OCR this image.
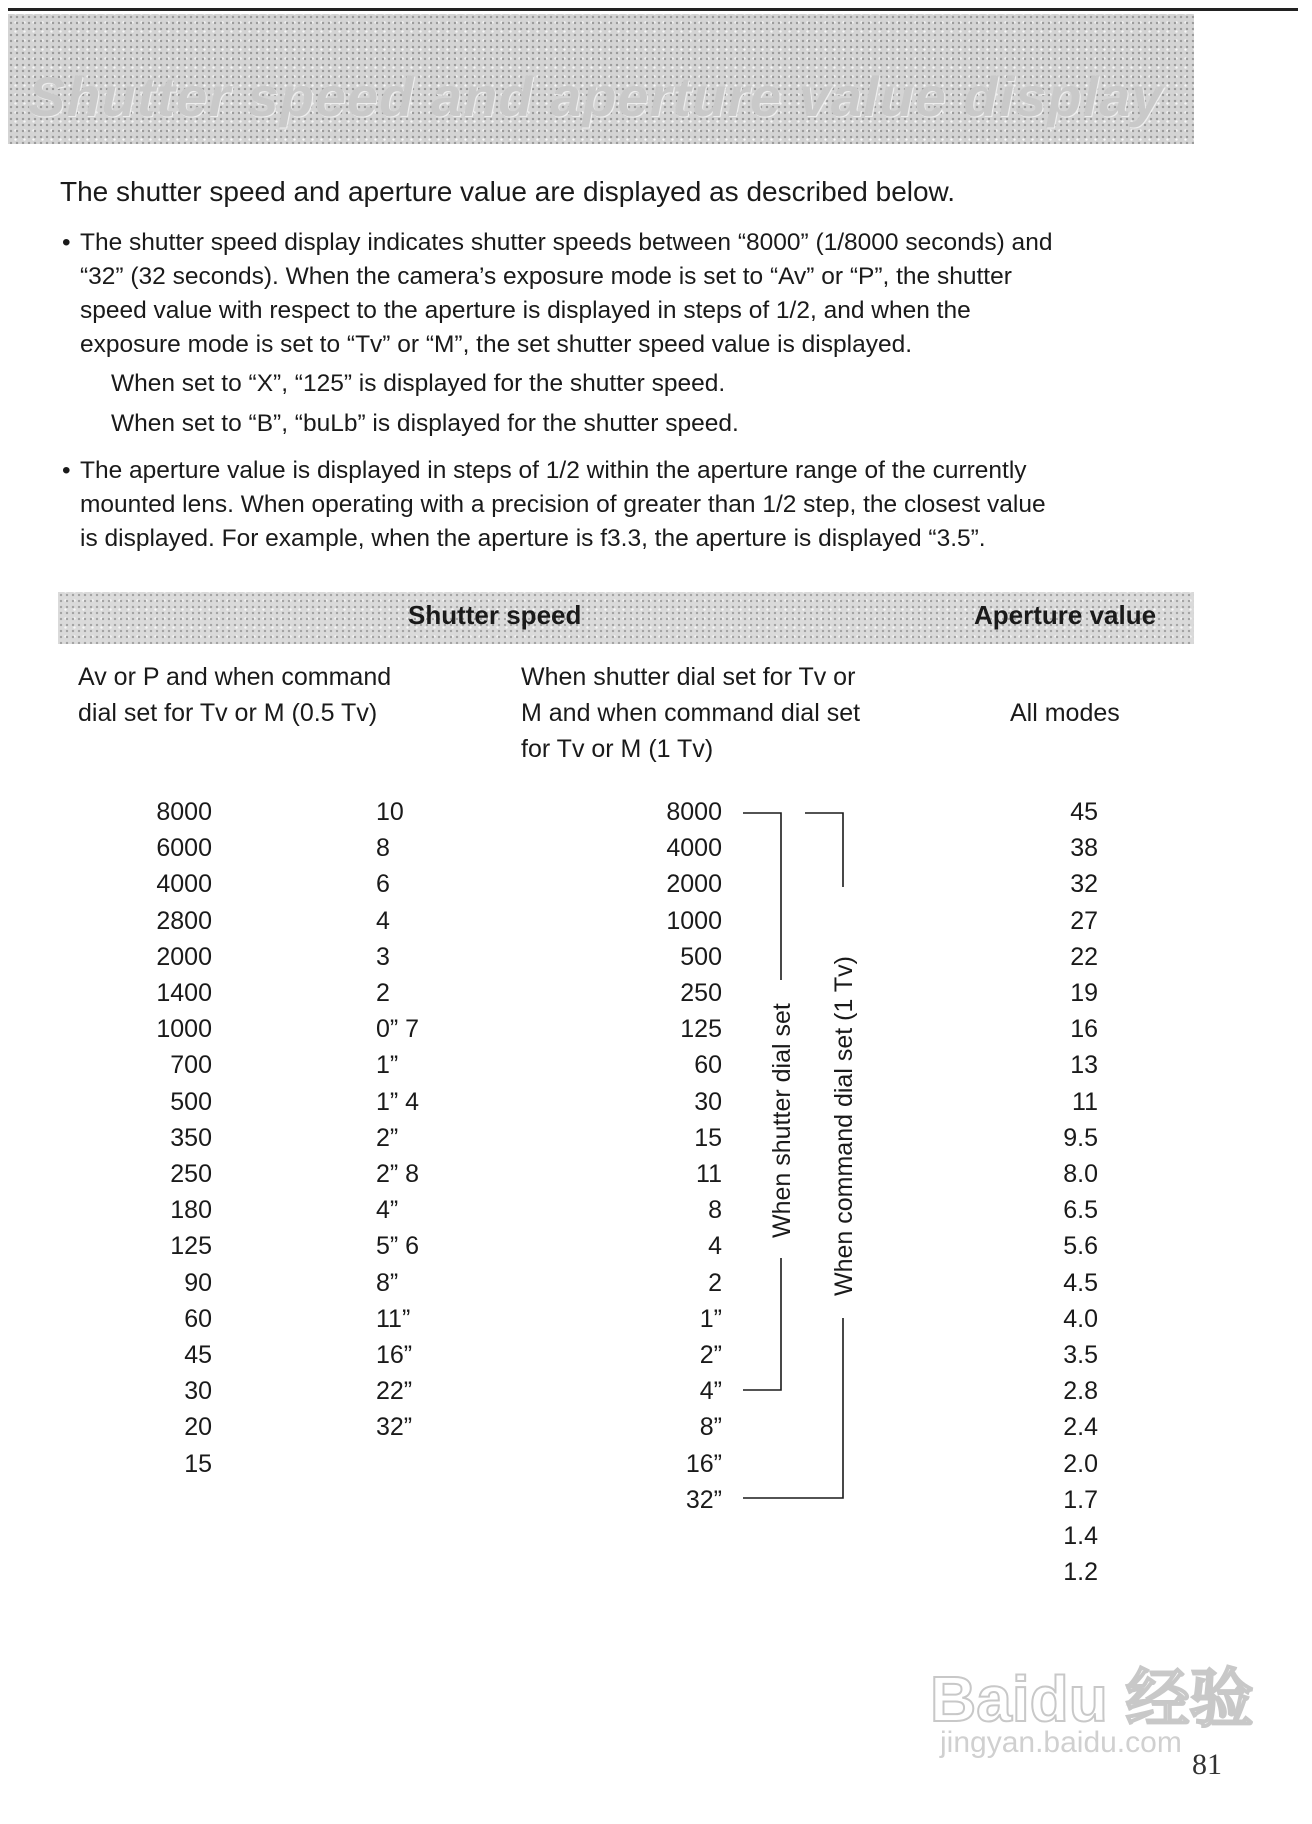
Shutter speed and aperture value display
The shutter speed and aperture value are displayed as described below.
• The shutter speed display indicates shutter speeds between “8000” (1/8000 seconds) and
“32” (32 seconds). When the camera’s exposure mode is set to “Av” or “P”, the shutter
speed value with respect to the aperture is displayed in steps of 1/2, and when the
exposure mode is set to “Tv” or “M”, the set shutter speed value is displayed.
When set to “X”, “125” is displayed for the shutter speed.
When set to “B”, “buLb” is displayed for the shutter speed.
• The aperture value is displayed in steps of 1/2 within the aperture range of the currently
mounted lens. When operating with a precision of greater than 1/2 step, the closest value
is displayed. For example, when the aperture is f3.3, the aperture is displayed “3.5”.
Shutter speed	Aperture value
Av or P and when command
dial set for Tv or M (0.5 Tv)
When shutter dial set for Tv or
M and when command dial set
for Tv or M (1 Tv)
All modes
8000
6000
4000
2800
2000
1400
1000
700
500
350
250
180
125
90
60
45
30
20
15
10
8
6
4
3
2
0” 7
1”
1” 4
2”
2” 8
4”
5” 6
8”
11”
16”
22”
32”
8000
4000
2000
1000
500
250
125
60
30
15
11
8
4
2
1”
2”
4”
8”
16”
32”
45
38
32
27
22
19
16
13
11
9.5
8.0
6.5
5.6
4.5
4.0
3.5
2.8
2.4
2.0
1.7
1.4
1.2
When shutter dial set When command dial set (1 Tv)
Baidu 经验
jingyan.baidu.com
81
